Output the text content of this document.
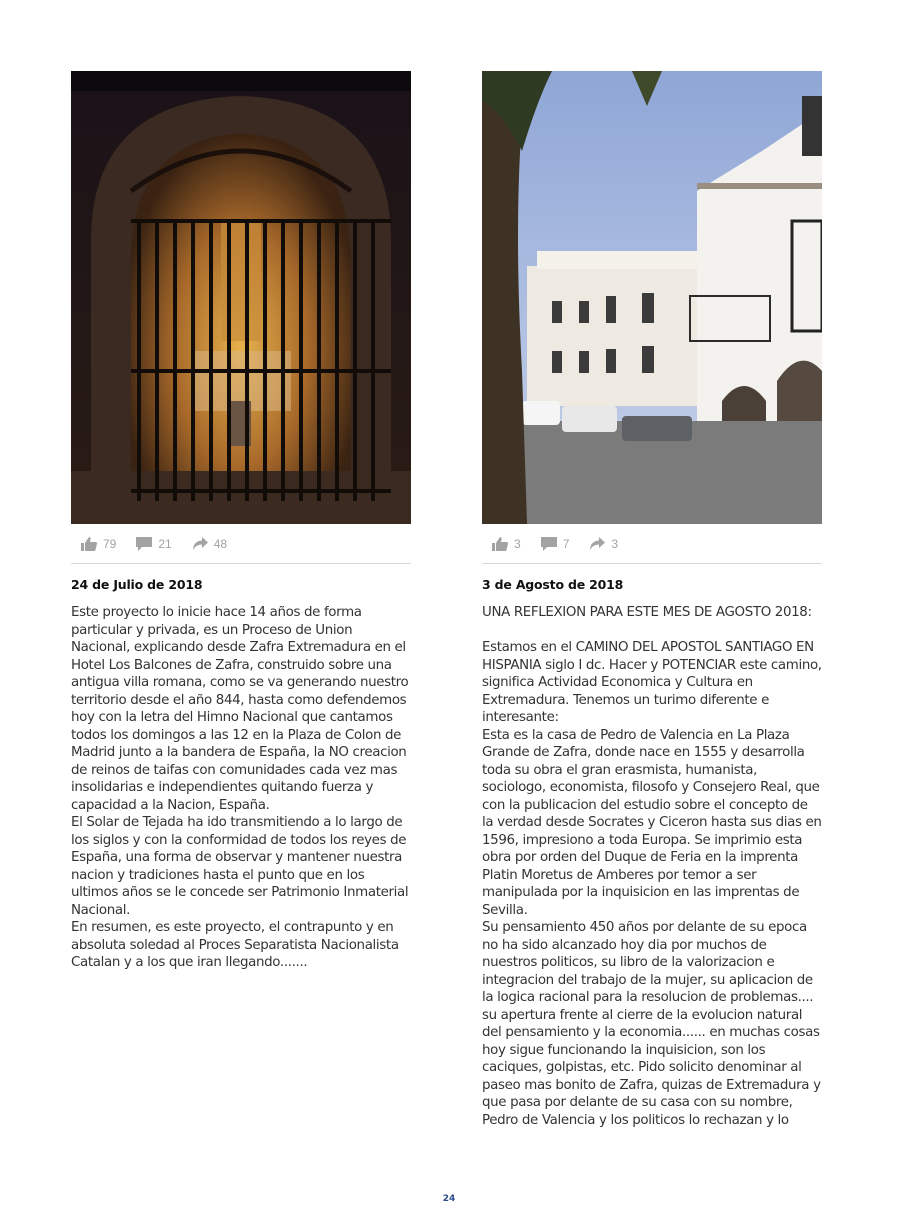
79	21	48
24 de Julio de 2018
Este proyecto lo inicie hace 14 años de forma particular y privada, es un Proceso de Union Nacional, explicando desde Zafra Extremadura en el Hotel Los Balcones de Zafra, construido sobre una antigua villa romana, como se va generando nuestro territorio desde el año 844, hasta como defendemos hoy con la letra del Himno Nacional que cantamos todos los domingos a las 12 en la Plaza de Colon de Madrid junto a la bandera de España, la NO creacion de reinos de taifas con comunidades cada vez mas insolidarias e independientes quitando fuerza y capacidad a la Nacion, España.
El Solar de Tejada ha ido transmitiendo a lo largo de los siglos y con la conformidad de todos los reyes de España, una forma de observar y mantener nuestra nacion y tradiciones hasta el punto que en los ultimos años se le concede ser Patrimonio Inmaterial Nacional.
En resumen, es este proyecto, el contrapunto y en absoluta soledad al Proces Separatista Nacionalista Catalan y a los que iran llegando.......
3	7	3
3 de Agosto de 2018
UNA REFLEXION PARA ESTE MES DE AGOSTO 2018:
Estamos en el CAMINO DEL APOSTOL SANTIAGO EN HISPANIA siglo I dc. Hacer y POTENCIAR este camino, significa Actividad Economica y Cultura en Extremadura. Tenemos un turimo diferente e interesante:
Esta es la casa de Pedro de Valencia en La Plaza Grande de Zafra, donde nace en 1555 y desarrolla toda su obra el gran erasmista, humanista, sociologo, economista, filosofo y Consejero Real, que con la publicacion del estudio sobre el concepto de la verdad desde Socrates y Ciceron hasta sus dias en 1596, impresiono a toda Europa. Se imprimio esta obra por orden del Duque de Feria en la imprenta Platin Moretus de Amberes por temor a ser manipulada por la inquisicion en las imprentas de Sevilla.
Su pensamiento 450 años por delante de su epoca no ha sido alcanzado hoy dia por muchos de nuestros politicos, su libro de la valorizacion e integracion del trabajo de la mujer, su aplicacion de la logica racional para la resolucion de problemas.... su apertura frente al cierre de la evolucion natural del pensamiento y la economia...... en muchas cosas hoy sigue funcionando la inquisicion, son los caciques, golpistas, etc. Pido solicito denominar al paseo mas bonito de Zafra, quizas de Extremadura y que pasa por delante de su casa con su nombre, Pedro de Valencia y los politicos lo rechazan y lo
24
